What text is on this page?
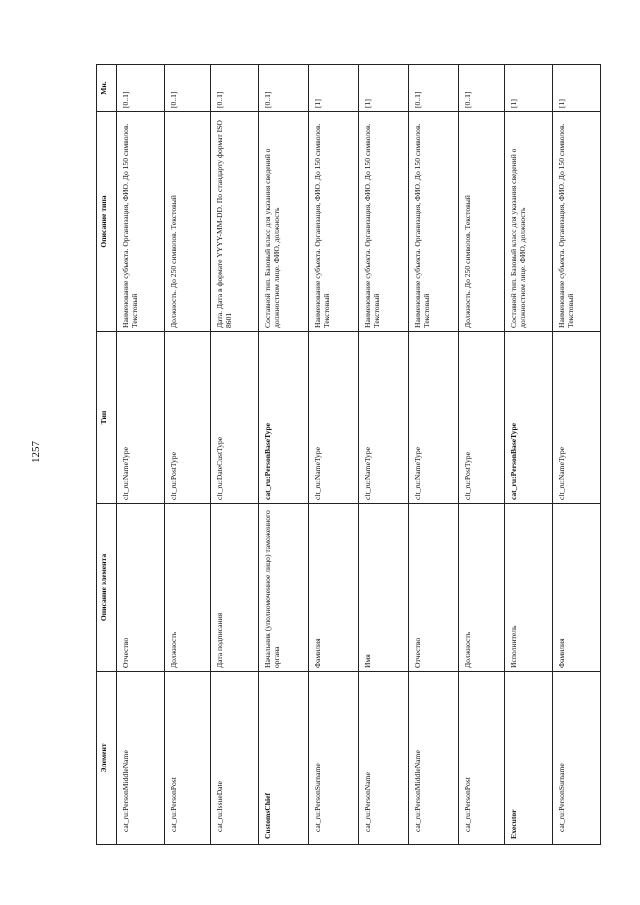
1257
Элемент	Описание элемента	Тип	Описание типа	Мн.
cat_ru:PersonMiddleName	Отчество	clt_ru:NameType	Наименование субъекта. Организация, ФИО. До 150 символов. Текстовый	[0..1]
cat_ru:PersonPost	Должность	clt_ru:PostType	Должность. До 250 символов. Текстовый	[0..1]
cat_ru:IssueDate	Дата подписания	clt_ru:DateCustType	Дата. Дата в формате YYYY-MM-DD. По стандарту формат ISO 8601	[0..1]
CustomsChief	Начальник (уполномоченное лицо) таможенного органа	cat_ru:PersonBaseType	Составной тип. Базовый класс для указания сведений о должностном лице. ФИО, должность	[0..1]
cat_ru:PersonSurname	Фамилия	clt_ru:NameType	Наименование субъекта. Организация, ФИО. До 150 символов. Текстовый	[1]
cat_ru:PersonName	Имя	clt_ru:NameType	Наименование субъекта. Организация, ФИО. До 150 символов. Текстовый	[1]
cat_ru:PersonMiddleName	Отчество	clt_ru:NameType	Наименование субъекта. Организация, ФИО. До 150 символов. Текстовый	[0..1]
cat_ru:PersonPost	Должность	clt_ru:PostType	Должность. До 250 символов. Текстовый	[0..1]
Executor	Исполнитель	cat_ru:PersonBaseType	Составной тип. Базовый класс для указания сведений о должностном лице. ФИО, должность	[1]
cat_ru:PersonSurname	Фамилия	clt_ru:NameType	Наименование субъекта. Организация, ФИО. До 150 символов. Текстовый	[1]
